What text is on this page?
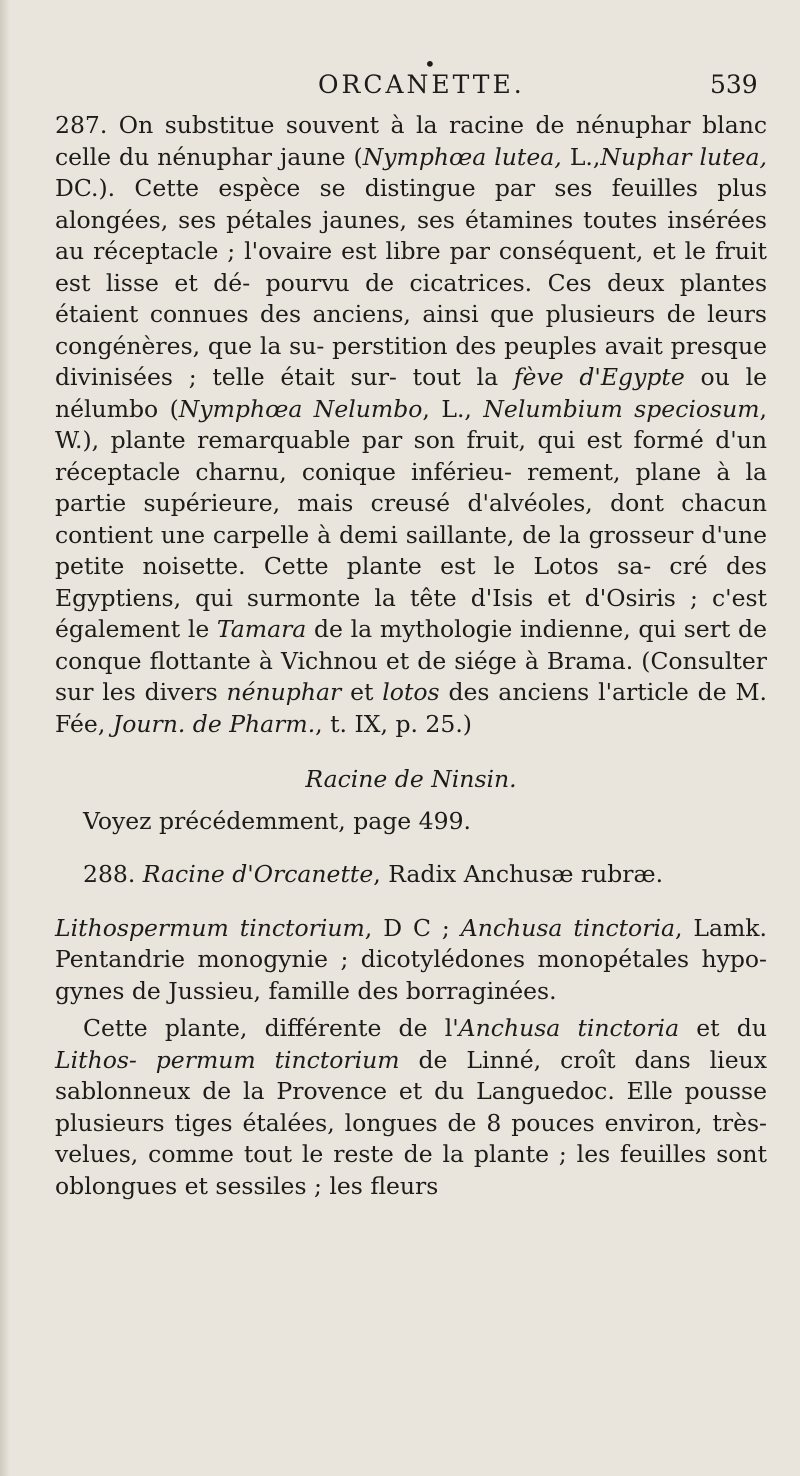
•
ORCANETTE.	539

287. On substitue souvent à la racine de nénuphar blanc celle du nénuphar jaune (Nymphœa lutea, L.,Nuphar lutea, DC.). Cette espèce se distingue par ses feuilles plus alongées, ses pétales jaunes, ses étamines toutes insérées au réceptacle ; l'ovaire est libre par conséquent, et le fruit est lisse et dé- pourvu de cicatrices. Ces deux plantes étaient connues des anciens, ainsi que plusieurs de leurs congénères, que la su- perstition des peuples avait presque divinisées ; telle était sur- tout la fève d'Egypte ou le nélumbo (Nymphœa Nelumbo, L., Nelumbium speciosum, W.), plante remarquable par son fruit, qui est formé d'un réceptacle charnu, conique inférieu- rement, plane à la partie supérieure, mais creusé d'alvéoles, dont chacun contient une carpelle à demi saillante, de la grosseur d'une petite noisette. Cette plante est le Lotos sa- cré des Egyptiens, qui surmonte la tête d'Isis et d'Osiris ; c'est également le Tamara de la mythologie indienne, qui sert de conque flottante à Vichnou et de siége à Brama. (Consulter sur les divers nénuphar et lotos des anciens l'article de M. Fée, Journ. de Pharm., t. IX, p. 25.)

Racine de Ninsin.

Voyez précédemment, page 499.

288. Racine d'Orcanette, Radix Anchusæ rubræ.

Lithospermum tinctorium, D C ; Anchusa tinctoria, Lamk. Pentandrie monogynie ; dicotylédones monopétales hypo- gynes de Jussieu, famille des borraginées.

Cette plante, différente de l'Anchusa tinctoria et du Lithos- permum tinctorium de Linné, croît dans lieux sablonneux de la Provence et du Languedoc. Elle pousse plusieurs tiges étalées, longues de 8 pouces environ, très-velues, comme tout le reste de la plante ; les feuilles sont oblongues et sessiles ; les fleurs
